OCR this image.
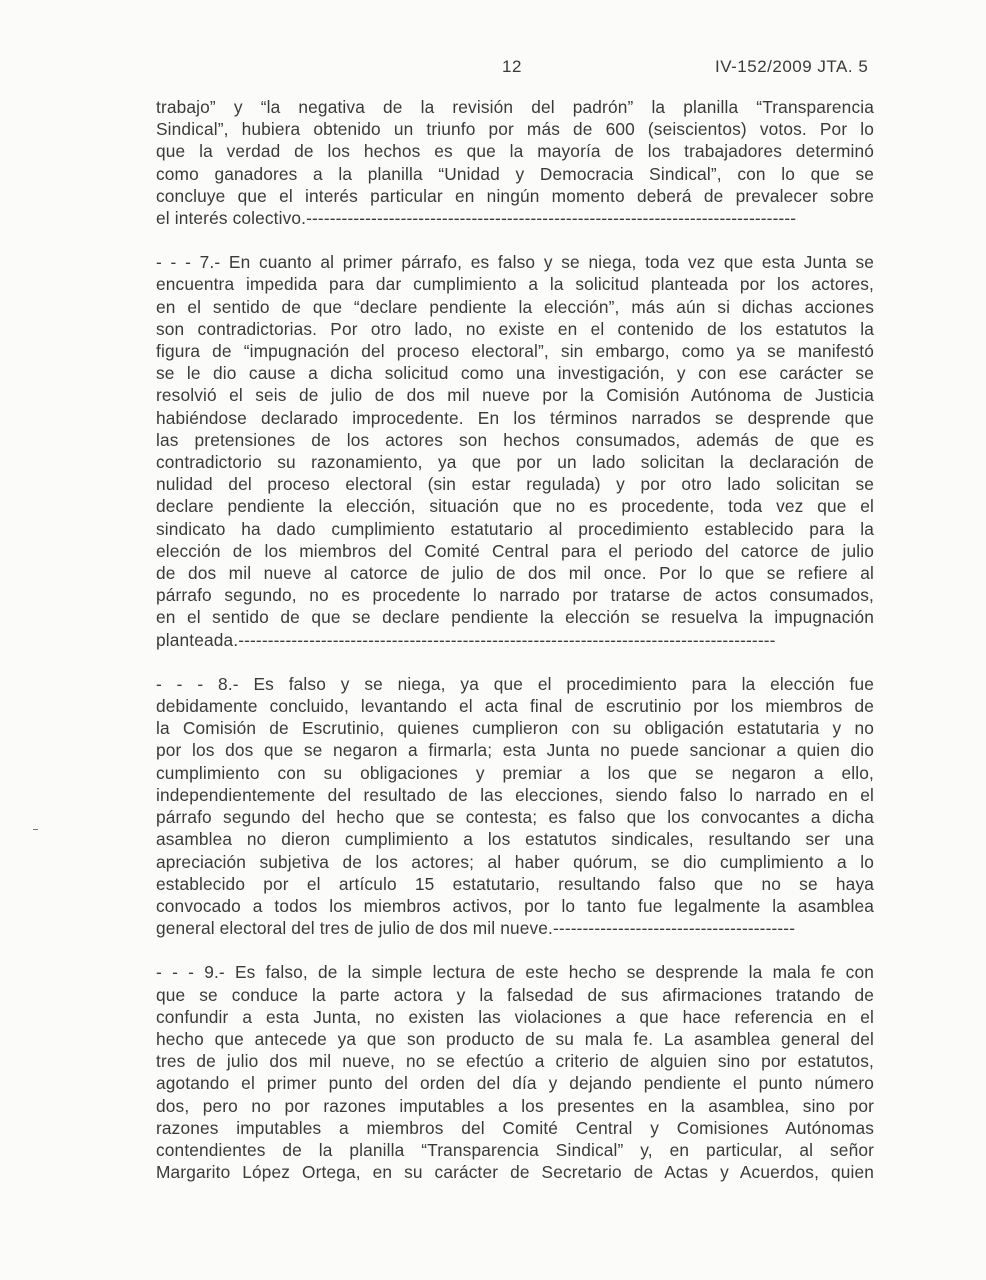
12	IV-152/2009 JTA. 5
trabajo” y “la negativa de la revisión del padrón” la planilla “Transparencia
Sindical”, hubiera obtenido un triunfo por más de 600 (seiscientos) votos. Por lo
que la verdad de los hechos es que la mayoría de los trabajadores determinó
como ganadores a la planilla “Unidad y Democracia Sindical”, con lo que se
concluye que el interés particular en ningún momento deberá de prevalecer sobre
el interés colectivo.-----------------------------------------------------------------------------------
- - - 7.- En cuanto al primer párrafo, es falso y se niega, toda vez que esta Junta se
encuentra impedida para dar cumplimiento a la solicitud planteada por los actores,
en el sentido de que “declare pendiente la elección”, más aún si dichas acciones
son contradictorias. Por otro lado, no existe en el contenido de los estatutos la
figura de “impugnación del proceso electoral”, sin embargo, como ya se manifestó
se le dio cause a dicha solicitud como una investigación, y con ese carácter se
resolvió el seis de julio de dos mil nueve por la Comisión Autónoma de Justicia
habiéndose declarado improcedente. En los términos narrados se desprende que
las pretensiones de los actores son hechos consumados, además de que es
contradictorio su razonamiento, ya que por un lado solicitan la declaración de
nulidad del proceso electoral (sin estar regulada) y por otro lado solicitan se
declare pendiente la elección, situación que no es procedente, toda vez que el
sindicato ha dado cumplimiento estatutario al procedimiento establecido para la
elección de los miembros del Comité Central para el periodo del catorce de julio
de dos mil nueve al catorce de julio de dos mil once. Por lo que se refiere al
párrafo segundo, no es procedente lo narrado por tratarse de actos consumados,
en el sentido de que se declare pendiente la elección se resuelva la impugnación
planteada.-------------------------------------------------------------------------------------------
- - - 8.- Es falso y se niega, ya que el procedimiento para la elección fue
debidamente concluido, levantando el acta final de escrutinio por los miembros de
la Comisión de Escrutinio, quienes cumplieron con su obligación estatutaria y no
por los dos que se negaron a firmarla; esta Junta no puede sancionar a quien dio
cumplimiento con su obligaciones y premiar a los que se negaron a ello,
independientemente del resultado de las elecciones, siendo falso lo narrado en el
párrafo segundo del hecho que se contesta; es falso que los convocantes a dicha
asamblea no dieron cumplimiento a los estatutos sindicales, resultando ser una
apreciación subjetiva de los actores; al haber quórum, se dio cumplimiento a lo
establecido por el artículo 15 estatutario, resultando falso que no se haya
convocado a todos los miembros activos, por lo tanto fue legalmente la asamblea
general electoral del tres de julio de dos mil nueve.-----------------------------------------
- - - 9.- Es falso, de la simple lectura de este hecho se desprende la mala fe con
que se conduce la parte actora y la falsedad de sus afirmaciones tratando de
confundir a esta Junta, no existen las violaciones a que hace referencia en el
hecho que antecede ya que son producto de su mala fe. La asamblea general del
tres de julio dos mil nueve, no se efectúo a criterio de alguien sino por estatutos,
agotando el primer punto del orden del día y dejando pendiente el punto número
dos, pero no por razones imputables a los presentes en la asamblea, sino por
razones imputables a miembros del Comité Central y Comisiones Autónomas
contendientes de la planilla “Transparencia Sindical” y, en particular, al señor
Margarito López Ortega, en su carácter de Secretario de Actas y Acuerdos, quien
